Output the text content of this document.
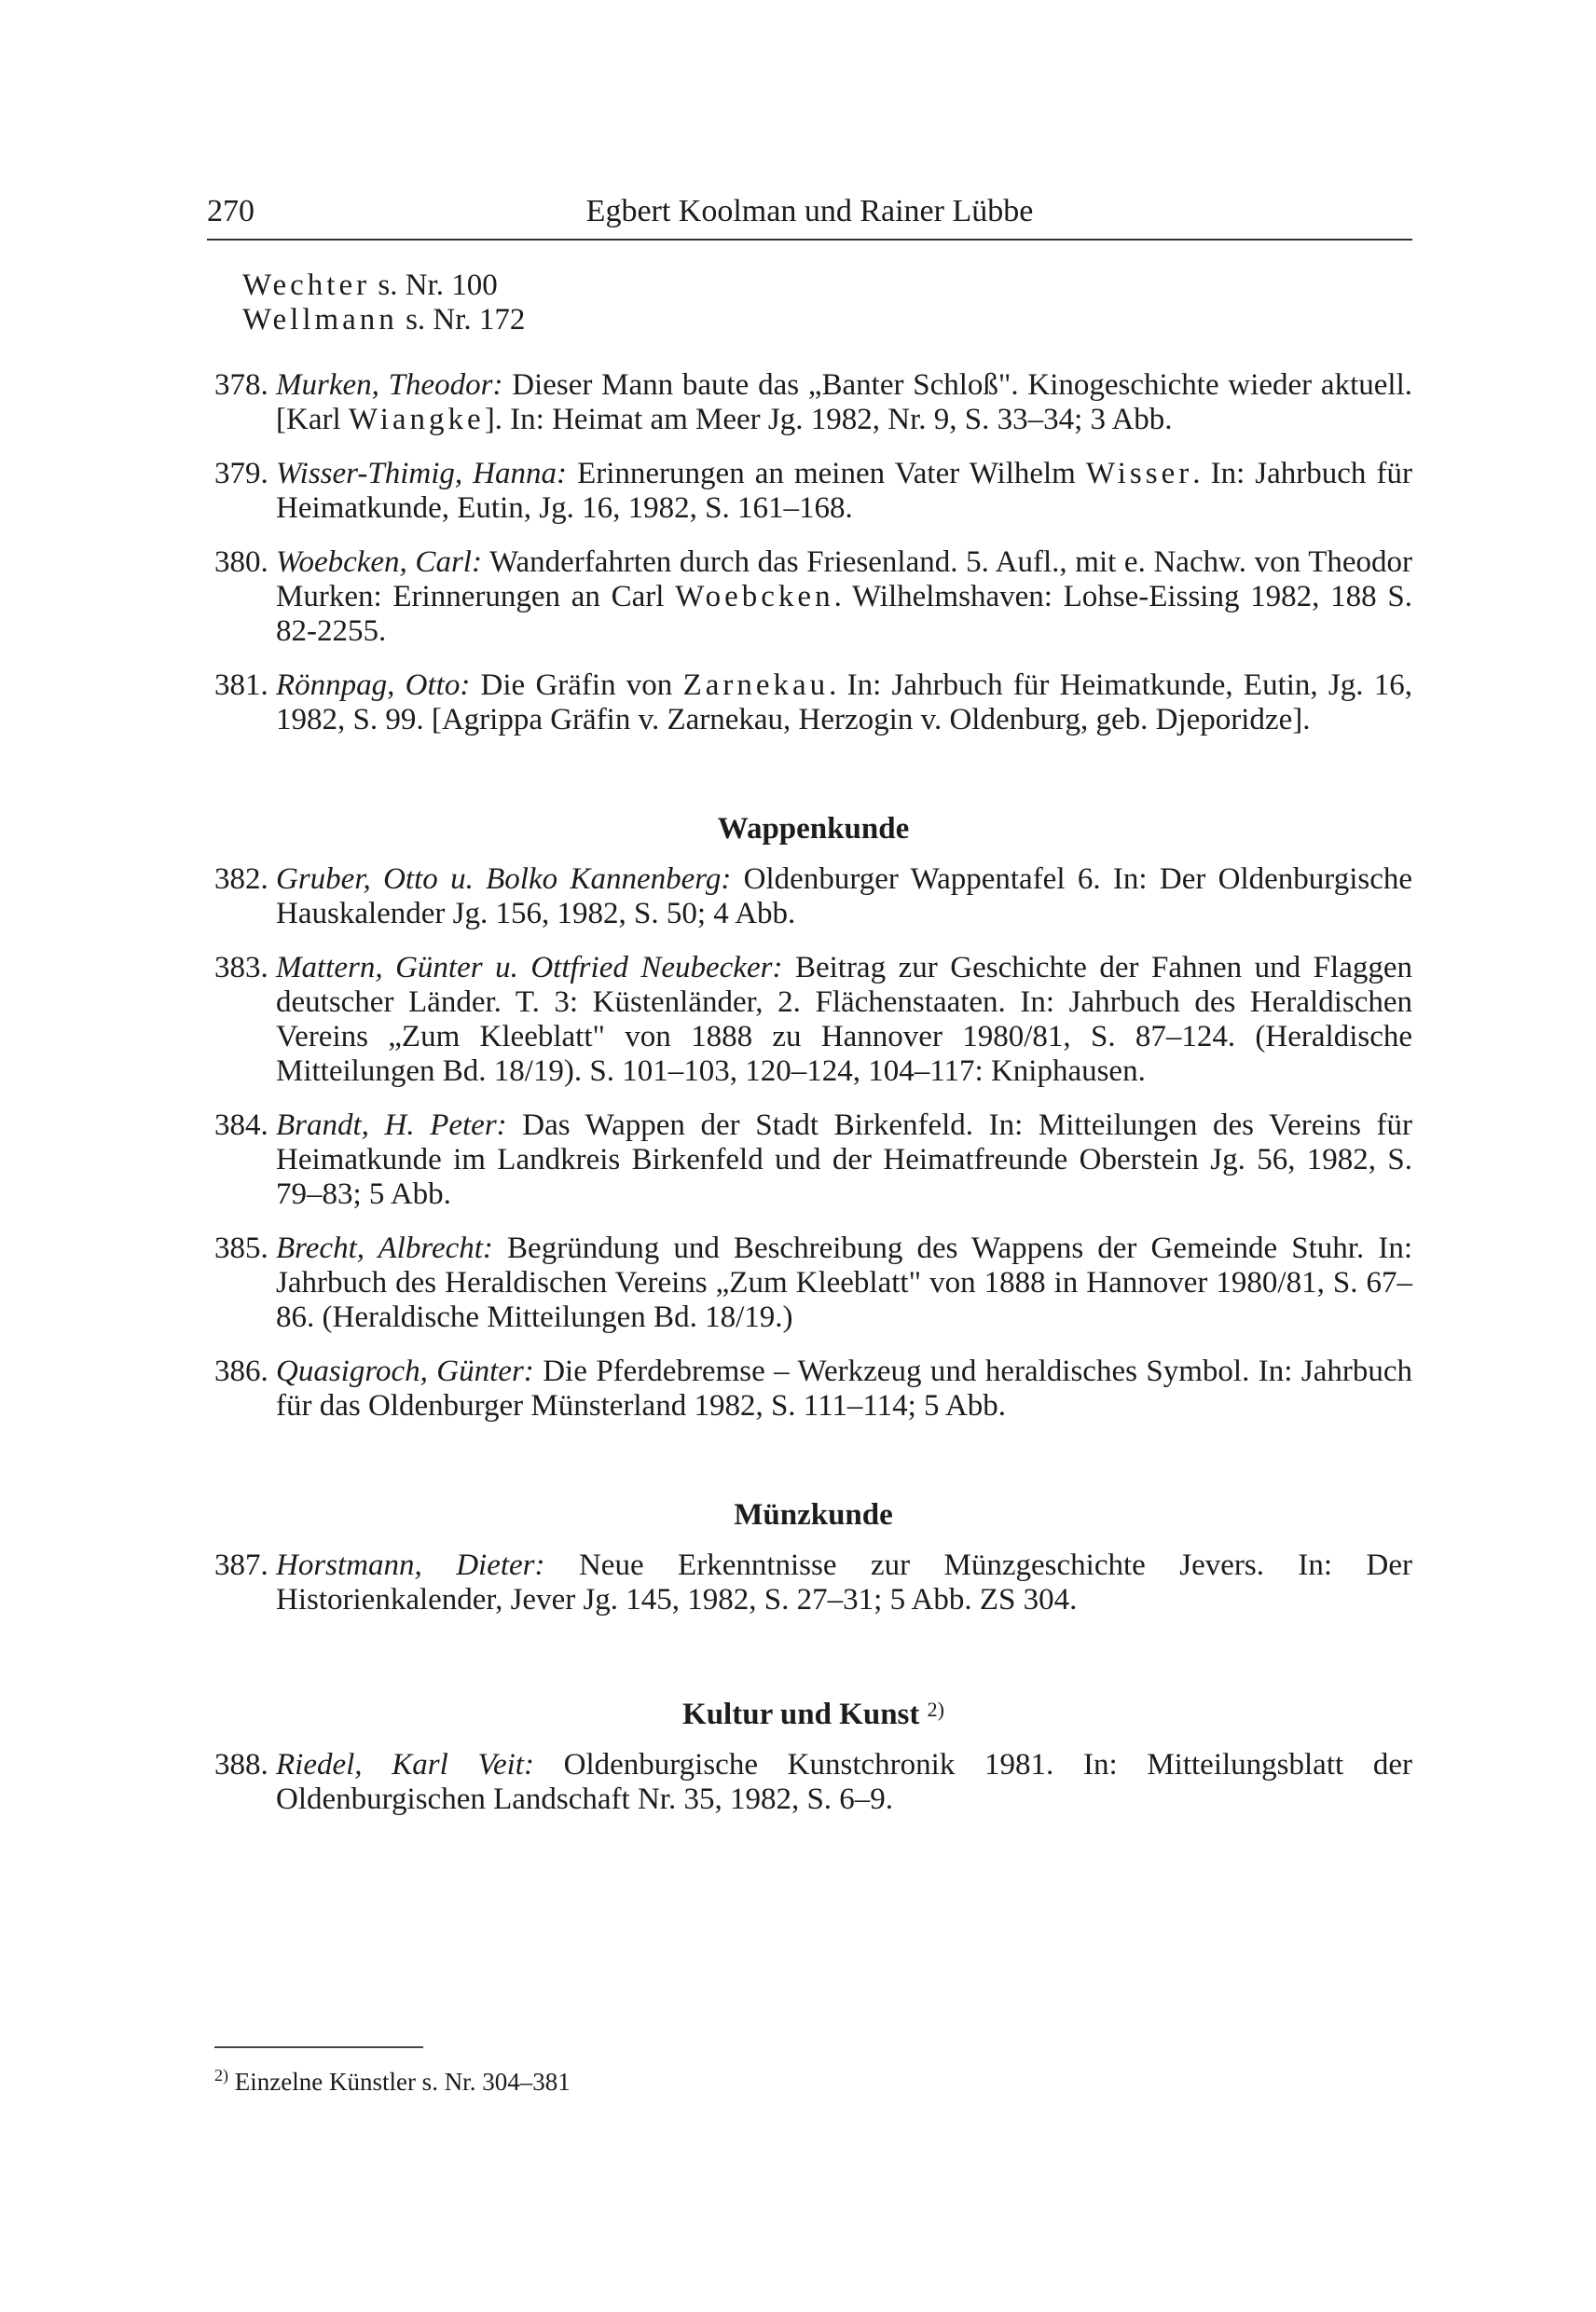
270	Egbert Koolman und Rainer Lübbe
Wechter s. Nr. 100
Wellmann s. Nr. 172
378. Murken, Theodor: Dieser Mann baute das „Banter Schloß". Kinogeschichte wieder aktuell. [Karl Wiangke]. In: Heimat am Meer Jg. 1982, Nr. 9, S. 33–34; 3 Abb.
379. Wisser-Thimig, Hanna: Erinnerungen an meinen Vater Wilhelm Wisser. In: Jahrbuch für Heimatkunde, Eutin, Jg. 16, 1982, S. 161–168.
380. Woebcken, Carl: Wanderfahrten durch das Friesenland. 5. Aufl., mit e. Nachw. von Theodor Murken: Erinnerungen an Carl Woebcken. Wilhelmshaven: Lohse-Eissing 1982, 188 S. 82-2255.
381. Rönnpag, Otto: Die Gräfin von Zarnekau. In: Jahrbuch für Heimatkunde, Eutin, Jg. 16, 1982, S. 99. [Agrippa Gräfin v. Zarnekau, Herzogin v. Oldenburg, geb. Djeporidze].
Wappenkunde
382. Gruber, Otto u. Bolko Kannenberg: Oldenburger Wappentafel 6. In: Der Oldenburgische Hauskalender Jg. 156, 1982, S. 50; 4 Abb.
383. Mattern, Günter u. Ottfried Neubecker: Beitrag zur Geschichte der Fahnen und Flaggen deutscher Länder. T. 3: Küstenländer, 2. Flächenstaaten. In: Jahrbuch des Heraldischen Vereins „Zum Kleeblatt" von 1888 zu Hannover 1980/81, S. 87–124. (Heraldische Mitteilungen Bd. 18/19). S. 101–103, 120–124, 104–117: Kniphausen.
384. Brandt, H. Peter: Das Wappen der Stadt Birkenfeld. In: Mitteilungen des Vereins für Heimatkunde im Landkreis Birkenfeld und der Heimatfreunde Oberstein Jg. 56, 1982, S. 79–83; 5 Abb.
385. Brecht, Albrecht: Begründung und Beschreibung des Wappens der Gemeinde Stuhr. In: Jahrbuch des Heraldischen Vereins „Zum Kleeblatt" von 1888 in Hannover 1980/81, S. 67–86. (Heraldische Mitteilungen Bd. 18/19.)
386. Quasigroch, Günter: Die Pferdebremse – Werkzeug und heraldisches Symbol. In: Jahrbuch für das Oldenburger Münsterland 1982, S. 111–114; 5 Abb.
Münzkunde
387. Horstmann, Dieter: Neue Erkenntnisse zur Münzgeschichte Jevers. In: Der Historienkalender, Jever Jg. 145, 1982, S. 27–31; 5 Abb. ZS 304.
Kultur und Kunst $^{2)}$
388. Riedel, Karl Veit: Oldenburgische Kunstchronik 1981. In: Mitteilungsblatt der Oldenburgischen Landschaft Nr. 35, 1982, S. 6–9.
$^{2)}$ Einzelne Künstler s. Nr. 304–381
